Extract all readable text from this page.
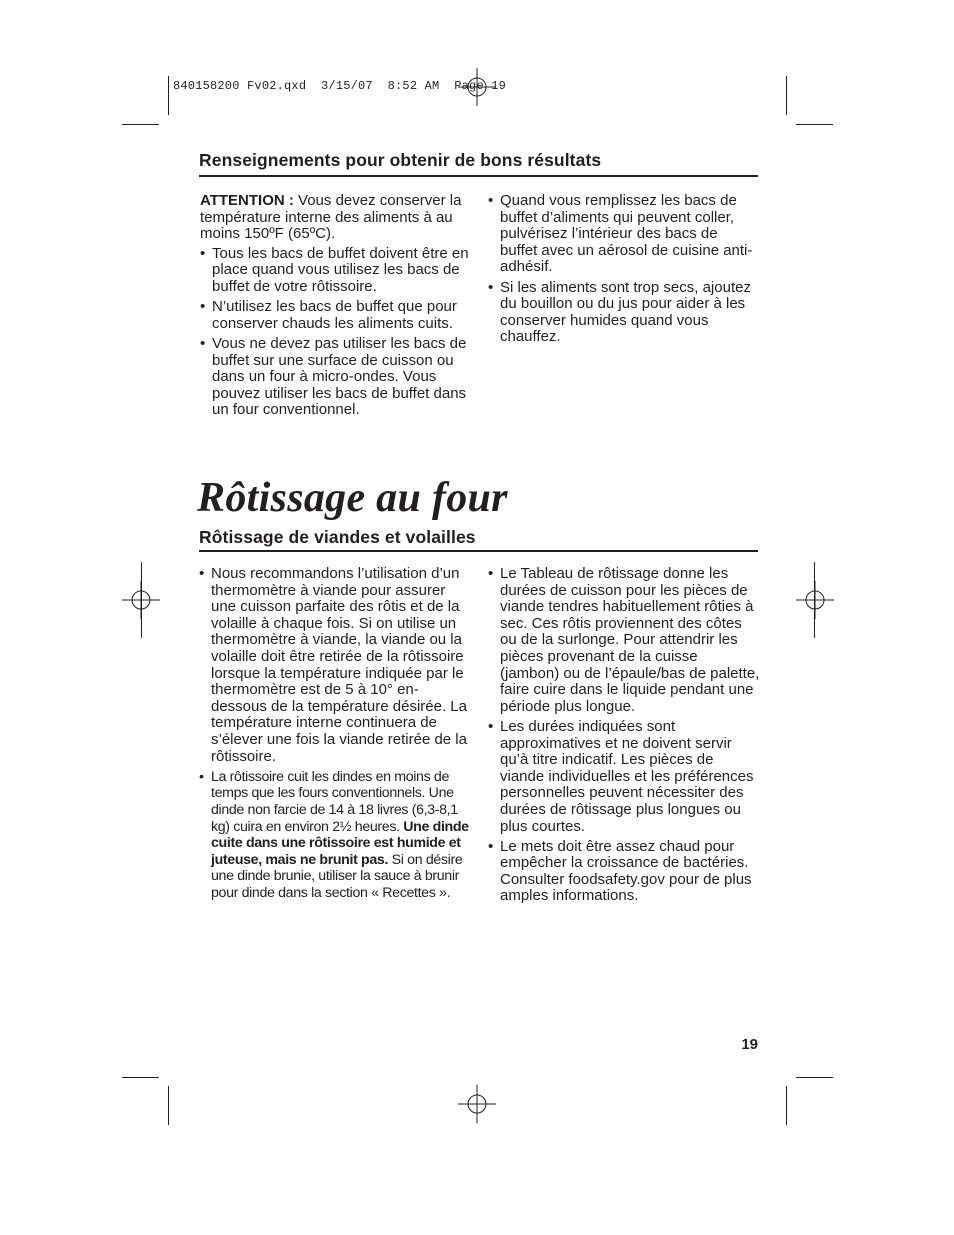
840158200 Fv02.qxd  3/15/07  8:52 AM  Page 19
Renseignements pour obtenir de bons résultats

ATTENTION : Vous devez conserver la température interne des aliments à au moins 150ºF (65ºC).

• Tous les bacs de buffet doivent être en place quand vous utilisez les bacs de buffet de votre rôtissoire.
• N’utilisez les bacs de buffet que pour conserver chauds les aliments cuits.
• Vous ne devez pas utiliser les bacs de buffet sur une surface de cuisson ou dans un four à micro-ondes. Vous pouvez utiliser les bacs de buffet dans un four conventionnel.
• Quand vous remplissez les bacs de buffet d’aliments qui peuvent coller, pulvérisez l’intérieur des bacs de buffet avec un aérosol de cuisine anti-adhésif.
• Si les aliments sont trop secs, ajoutez du bouillon ou du jus pour aider à les conserver humides quand vous chauffez.
Rôtissage au four
Rôtissage de viandes et volailles
• Nous recommandons l’utilisation d’un thermomètre à viande pour assurer une cuisson parfaite des rôtis et de la volaille à chaque fois. Si on utilise un thermomètre à viande, la viande ou la volaille doit être retirée de la rôtissoire lorsque la température indiquée par le thermomètre est de 5 à 10° en-dessous de la température désirée. La température interne continuera de s’élever une fois la viande retirée de la rôtissoire.
• La rôtissoire cuit les dindes en moins de temps que les fours conventionnels. Une dinde non farcie de 14 à 18 livres (6,3-8,1 kg) cuira en environ 2½ heures. Une dinde cuite dans une rôtissoire est humide et juteuse, mais ne brunit pas. Si on désire une dinde brunie, utiliser la sauce à brunir pour dinde dans la section « Recettes ».
• Le Tableau de rôtissage donne les durées de cuisson pour les pièces de viande tendres habituellement rôties à sec. Ces rôtis proviennent des côtes ou de la surlonge. Pour attendrir les pièces provenant de la cuisse (jambon) ou de l’épaule/bas de palette, faire cuire dans le liquide pendant une période plus longue.
• Les durées indiquées sont approximatives et ne doivent servir qu’à titre indicatif. Les pièces de viande individuelles et les préférences personnelles peuvent nécessiter des durées de rôtissage plus longues ou plus courtes.
• Le mets doit être assez chaud pour empêcher la croissance de bactéries. Consulter foodsafety.gov pour de plus amples informations.
19
